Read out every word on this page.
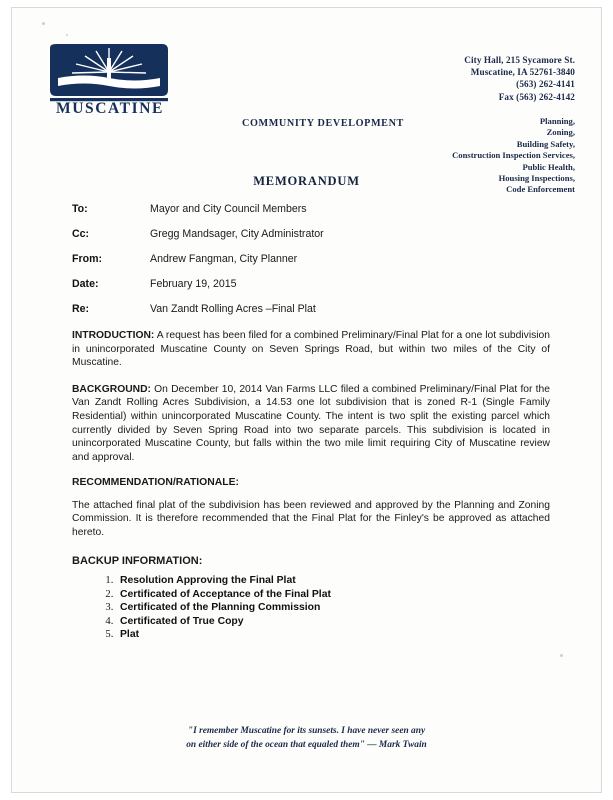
MUSCATINE
City Hall, 215 Sycamore St.
Muscatine, IA 52761-3840
(563) 262-4141
Fax (563) 262-4142
COMMUNITY DEVELOPMENT	Planning,
Zoning,
Building Safety,
Construction Inspection Services,
Public Health,
Housing Inspections,
Code Enforcement
MEMORANDUM
To:	Mayor and City Council Members
Cc:	Gregg Mandsager, City Administrator
From:	Andrew Fangman, City Planner
Date:	February 19, 2015
Re:	Van Zandt Rolling Acres –Final Plat

INTRODUCTION: A request has been filed for a combined Preliminary/Final Plat for a one lot subdivision in unincorporated Muscatine County on Seven Springs Road, but within two miles of the City of Muscatine.

BACKGROUND: On December 10, 2014 Van Farms LLC filed a combined Preliminary/Final Plat for the Van Zandt Rolling Acres Subdivision, a 14.53 one lot subdivision that is zoned R-1 (Single Family Residential) within unincorporated Muscatine County. The intent is two split the existing parcel which currently divided by Seven Spring Road into two separate parcels. This subdivision is located in unincorporated Muscatine County, but falls within the two mile limit requiring City of Muscatine review and approval.

RECOMMENDATION/RATIONALE:

The attached final plat of the subdivision has been reviewed and approved by the Planning and Zoning Commission. It is therefore recommended that the Final Plat for the Finley's be approved as attached hereto.

BACKUP INFORMATION:
1. Resolution Approving the Final Plat
2. Certificated of Acceptance of the Final Plat
3. Certificated of the Planning Commission
4. Certificated of True Copy
5. Plat
"I remember Muscatine for its sunsets. I have never seen any
on either side of the ocean that equaled them" — Mark Twain
